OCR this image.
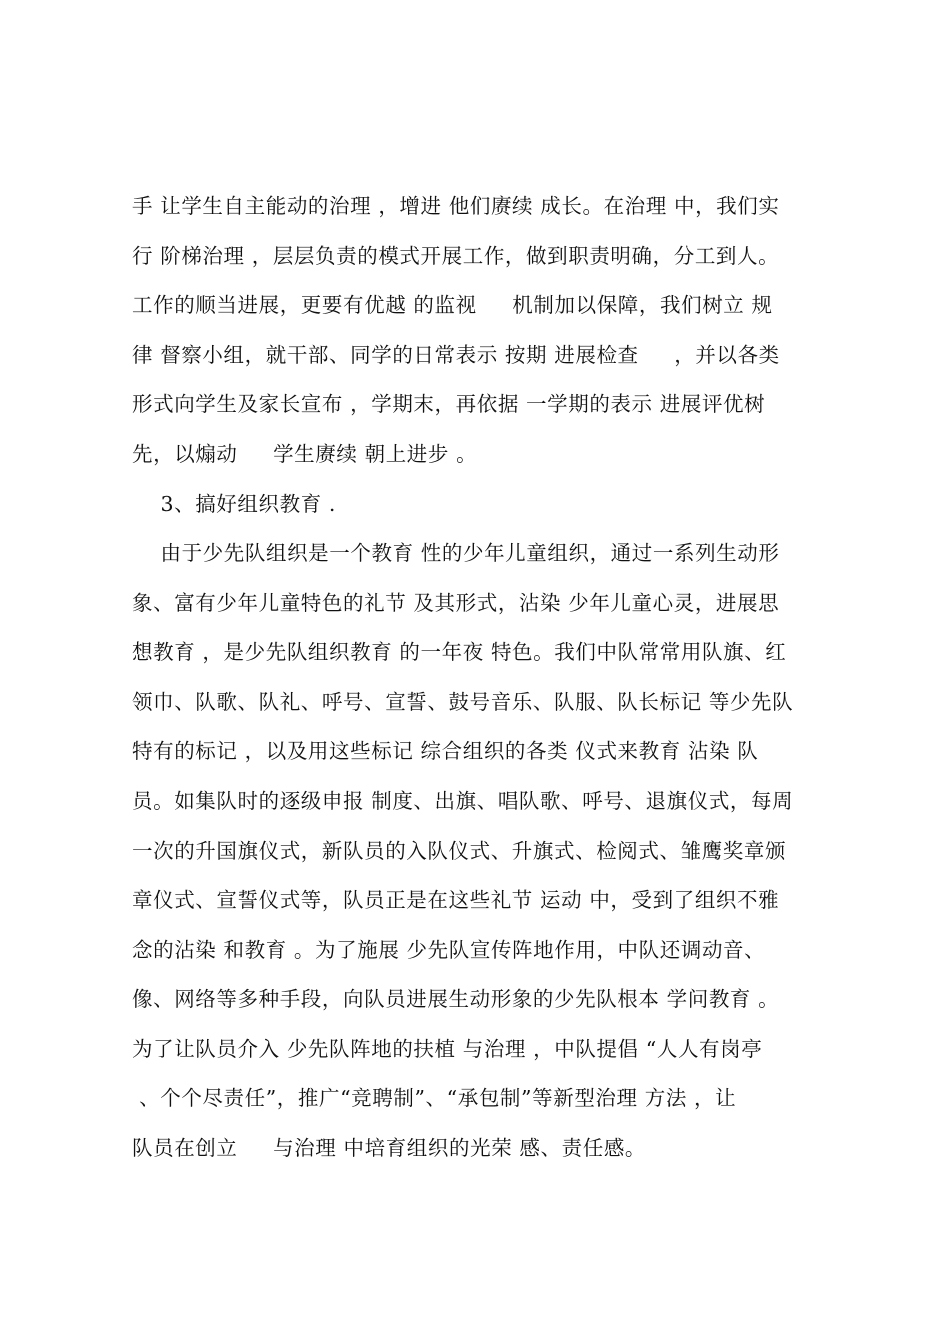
手 让学生自主能动的治理 ，增进 他们赓续 成长。在治理 中，我们实
行 阶梯治理 ，层层负责的模式开展工作，做到职责明确，分工到人。
工作的顺当进展，更要有优越 的监视     机制加以保障，我们树立 规
律 督察小组，就干部、同学的日常表示 按期 进展检查     ，并以各类
形式向学生及家长宣布 ，学期末，再依据 一学期的表示 进展评优树
先，以煽动     学生赓续 朝上进步 。
3、搞好组织教育 .
由于少先队组织是一个教育 性的少年儿童组织，通过一系列生动形
象、富有少年儿童特色的礼节 及其形式，沾染 少年儿童心灵，进展思
想教育 ，是少先队组织教育 的一年夜 特色。我们中队常常用队旗、红
领巾、队歌、队礼、呼号、宣誓、鼓号音乐、队服、队长标记 等少先队
特有的标记 ，以及用这些标记 综合组织的各类 仪式来教育 沾染 队
员。如集队时的逐级申报 制度、出旗、唱队歌、呼号、退旗仪式，每周
一次的升国旗仪式，新队员的入队仪式、升旗式、检阅式、雏鹰奖章颁
章仪式、宣誓仪式等，队员正是在这些礼节 运动 中，受到了组织不雅
念的沾染 和教育 。为了施展 少先队宣传阵地作用，中队还调动音、
像、网络等多种手段，向队员进展生动形象的少先队根本 学问教育 。
为了让队员介入 少先队阵地的扶植 与治理 ，中队提倡 “人人有岗亭
、个个尽责任”，推广“竞聘制”、“承包制”等新型治理 方法 ，让
队员在创立     与治理 中培育组织的光荣 感、责任感。
